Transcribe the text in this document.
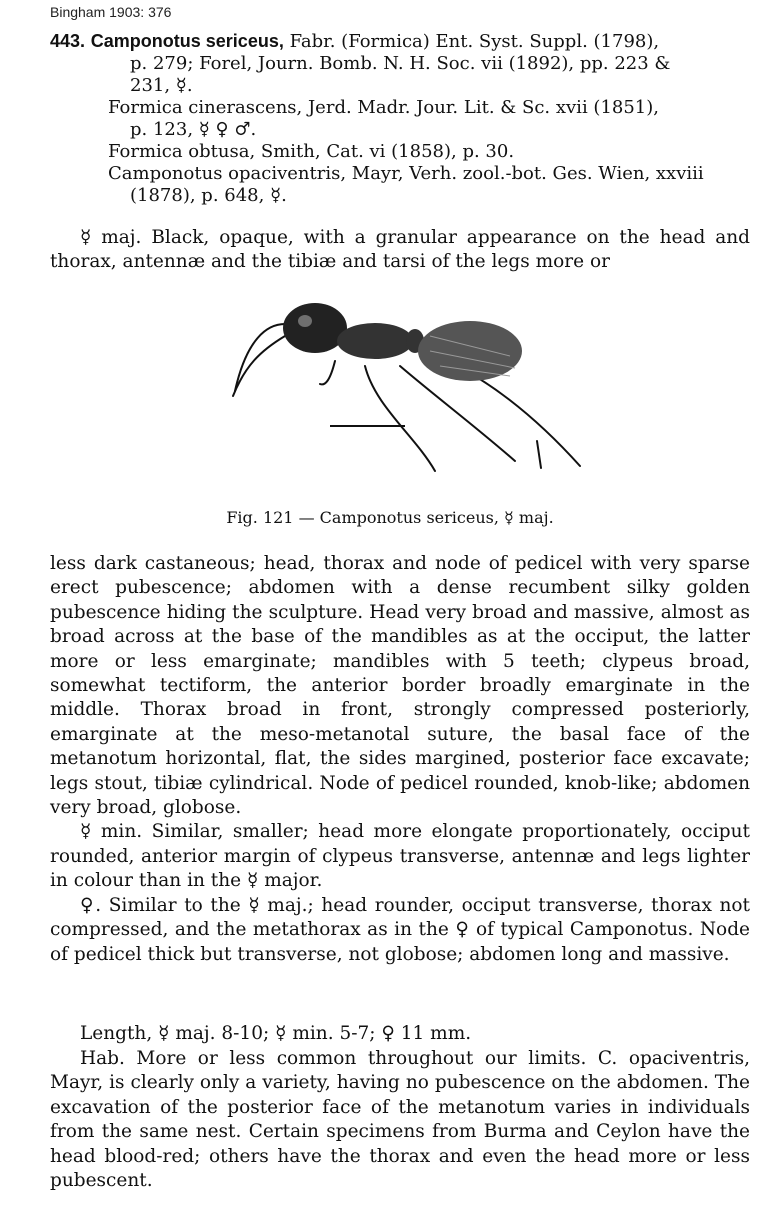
Bingham 1903: 376

443. Camponotus sericeus, Fabr. (Formica) Ent. Syst. Suppl. (1798),

p. 279; Forel, Journ. Bomb. N. H. Soc. vii (1892), pp. 223 &

231, ☿.

Formica cinerascens, Jerd. Madr. Jour. Lit. & Sc. xvii (1851),

p. 123, ☿ ♀ ♂.

Formica obtusa, Smith, Cat. vi (1858), p. 30.

Camponotus opaciventris, Mayr, Verh. zool.-bot. Ges. Wien, xxviii

(1878), p. 648, ☿.

☿ maj. Black, opaque, with a granular appearance on the head and thorax, antennæ and the tibiæ and tarsi of the legs more or

Fig. 121 — Camponotus sericeus, ☿ maj.

less dark castaneous; head, thorax and node of pedicel with very sparse erect pubescence; abdomen with a dense recumbent silky golden pubescence hiding the sculpture. Head very broad and massive, almost as broad across at the base of the mandibles as at the occiput, the latter more or less emarginate; mandibles with 5 teeth; clypeus broad, somewhat tectiform, the anterior border broadly emarginate in the middle. Thorax broad in front, strongly compressed posteriorly, emarginate at the meso-metanotal suture, the basal face of the metanotum horizontal, flat, the sides margined, posterior face excavate; legs stout, tibiæ cylindrical. Node of pedicel rounded, knob-like; abdomen very broad, globose.

☿ min. Similar, smaller; head more elongate proportionately, occiput rounded, anterior margin of clypeus transverse, antennæ and legs lighter in colour than in the ☿ major.

♀. Similar to the ☿ maj.; head rounder, occiput transverse, thorax not compressed, and the metathorax as in the ♀ of typical Camponotus. Node of pedicel thick but transverse, not globose; abdomen long and massive.

Length, ☿ maj. 8-10; ☿ min. 5-7; ♀ 11 mm.

Hab. More or less common throughout our limits. C. opaciventris, Mayr, is clearly only a variety, having no pubescence on the abdomen. The excavation of the posterior face of the metanotum varies in individuals from the same nest. Certain specimens from Burma and Ceylon have the head blood-red; others have the thorax and even the head more or less pubescent.
